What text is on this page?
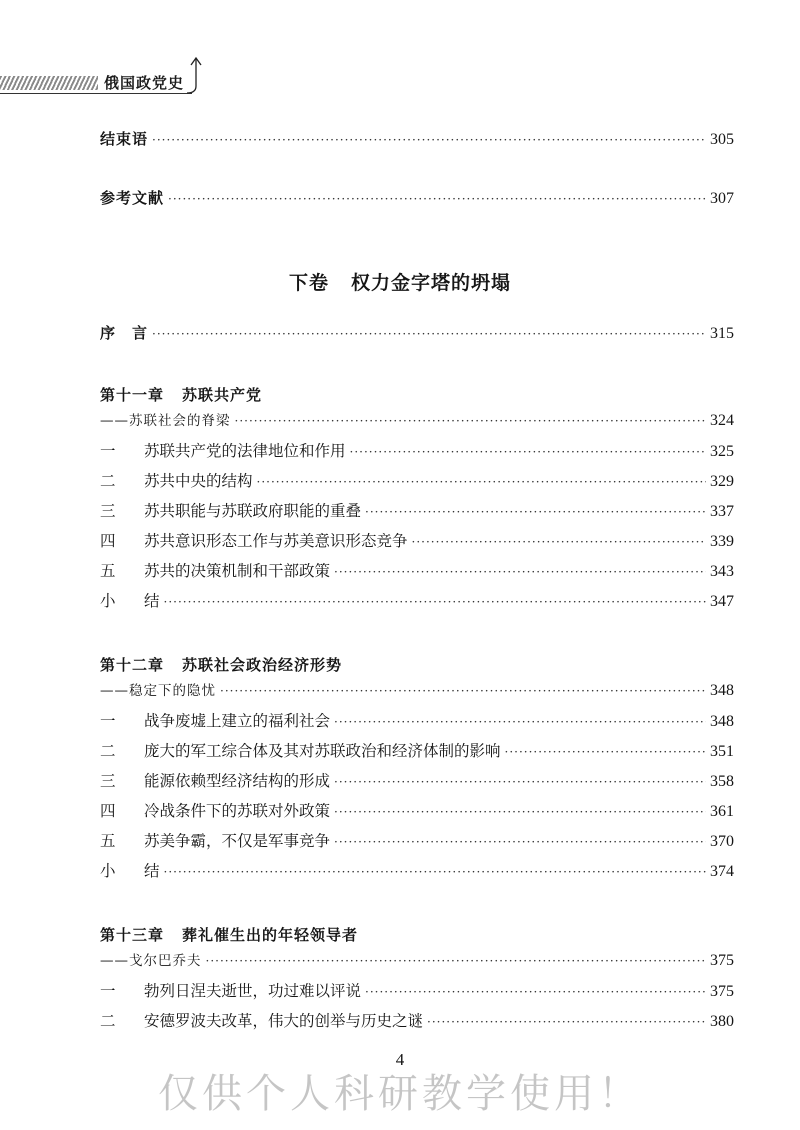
俄国政党史
结束语 ·····	305
参考文献 ·····	307
下卷 权力金字塔的坍塌
序　言 ·····	315
第十一章 苏联共产党
——苏联社会的脊梁 ·····	324
一	苏联共产党的法律地位和作用 ·····	325
二	苏共中央的结构 ·····	329
三	苏共职能与苏联政府职能的重叠 ·····	337
四	苏共意识形态工作与苏美意识形态竞争 ·····	339
五	苏共的决策机制和干部政策 ·····	343
小	结 ·····	347
第十二章 苏联社会政治经济形势
——稳定下的隐忧 ·····	348
一	战争废墟上建立的福利社会 ·····	348
二	庞大的军工综合体及其对苏联政治和经济体制的影响 ·····	351
三	能源依赖型经济结构的形成 ·····	358
四	冷战条件下的苏联对外政策 ·····	361
五	苏美争霸，不仅是军事竞争 ·····	370
小	结 ·····	374
第十三章 葬礼催生出的年轻领导者
——戈尔巴乔夫 ·····	375
一	勃列日涅夫逝世，功过难以评说 ·····	375
二	安德罗波夫改革，伟大的创举与历史之谜 ·····	380
4
仅供个人科研教学使用！
